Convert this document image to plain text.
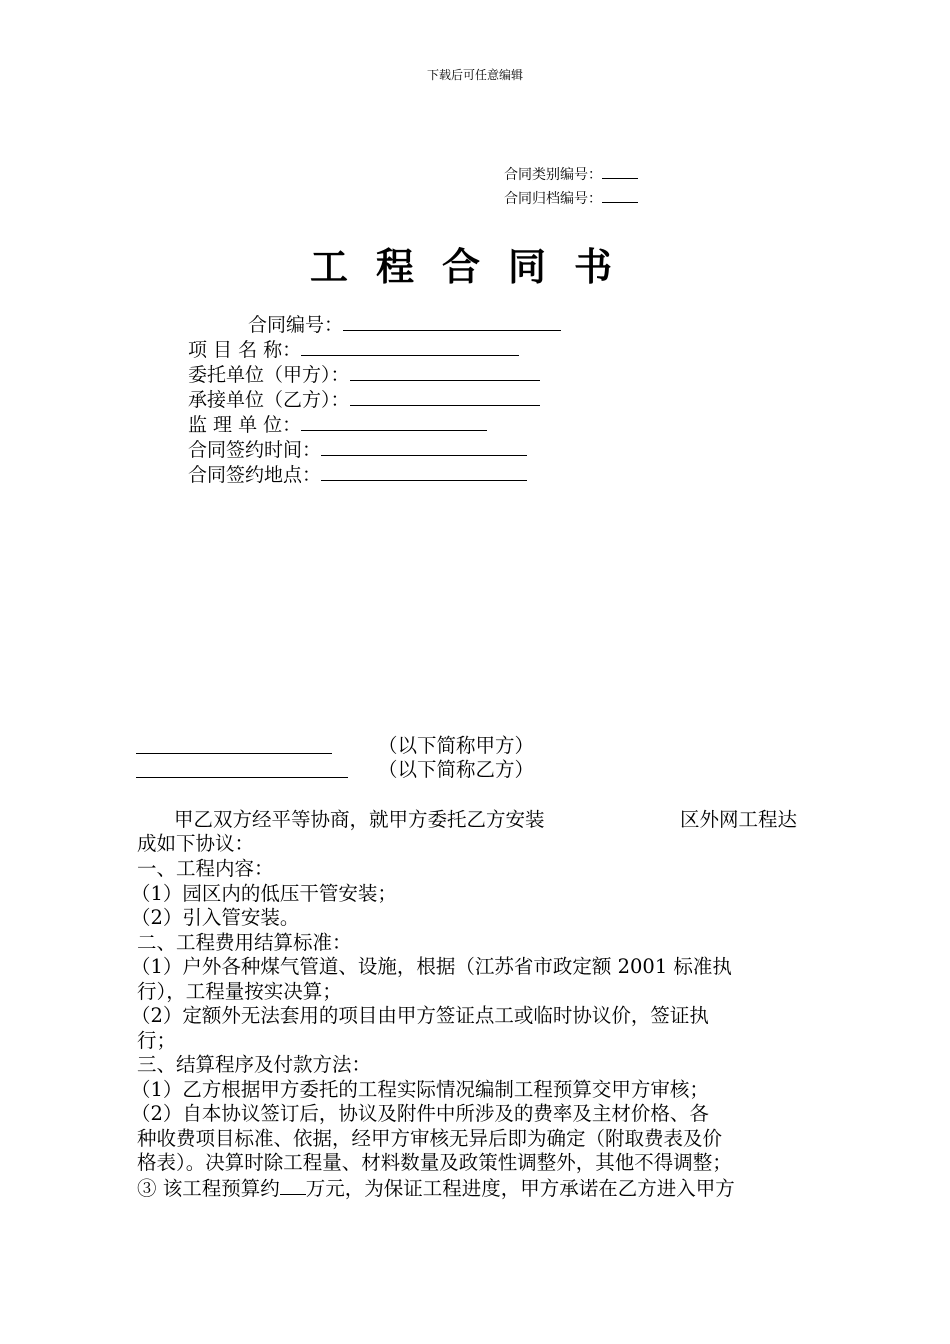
下载后可任意编辑
合同类别编号：
合同归档编号：
工程合同书
合同编号：
项 目 名 称：
委托单位（甲方）：
承接单位（乙方）：
监 理 单 位：
合同签约时间：
合同签约地点：
（以下简称甲方）
（以下简称乙方）
甲乙双方经平等协商，就甲方委托乙方安装	区外网工程达
成如下协议：
一、工程内容：
（1）园区内的低压干管安装；
（2）引入管安装。
二、工程费用结算标准：
（1）户外各种煤气管道、设施，根据（江苏省市政定额 2001 标准执
行），工程量按实决算；
（2）定额外无法套用的项目由甲方签证点工或临时协议价，签证执
行；
三、结算程序及付款方法：
（1）乙方根据甲方委托的工程实际情况编制工程预算交甲方审核；
（2）自本协议签订后，协议及附件中所涉及的费率及主材价格、各
种收费项目标准、依据，经甲方审核无异后即为确定（附取费表及价
格表）。决算时除工程量、材料数量及政策性调整外，其他不得调整；
③ 该工程预算约 万元，为保证工程进度，甲方承诺在乙方进入甲方
